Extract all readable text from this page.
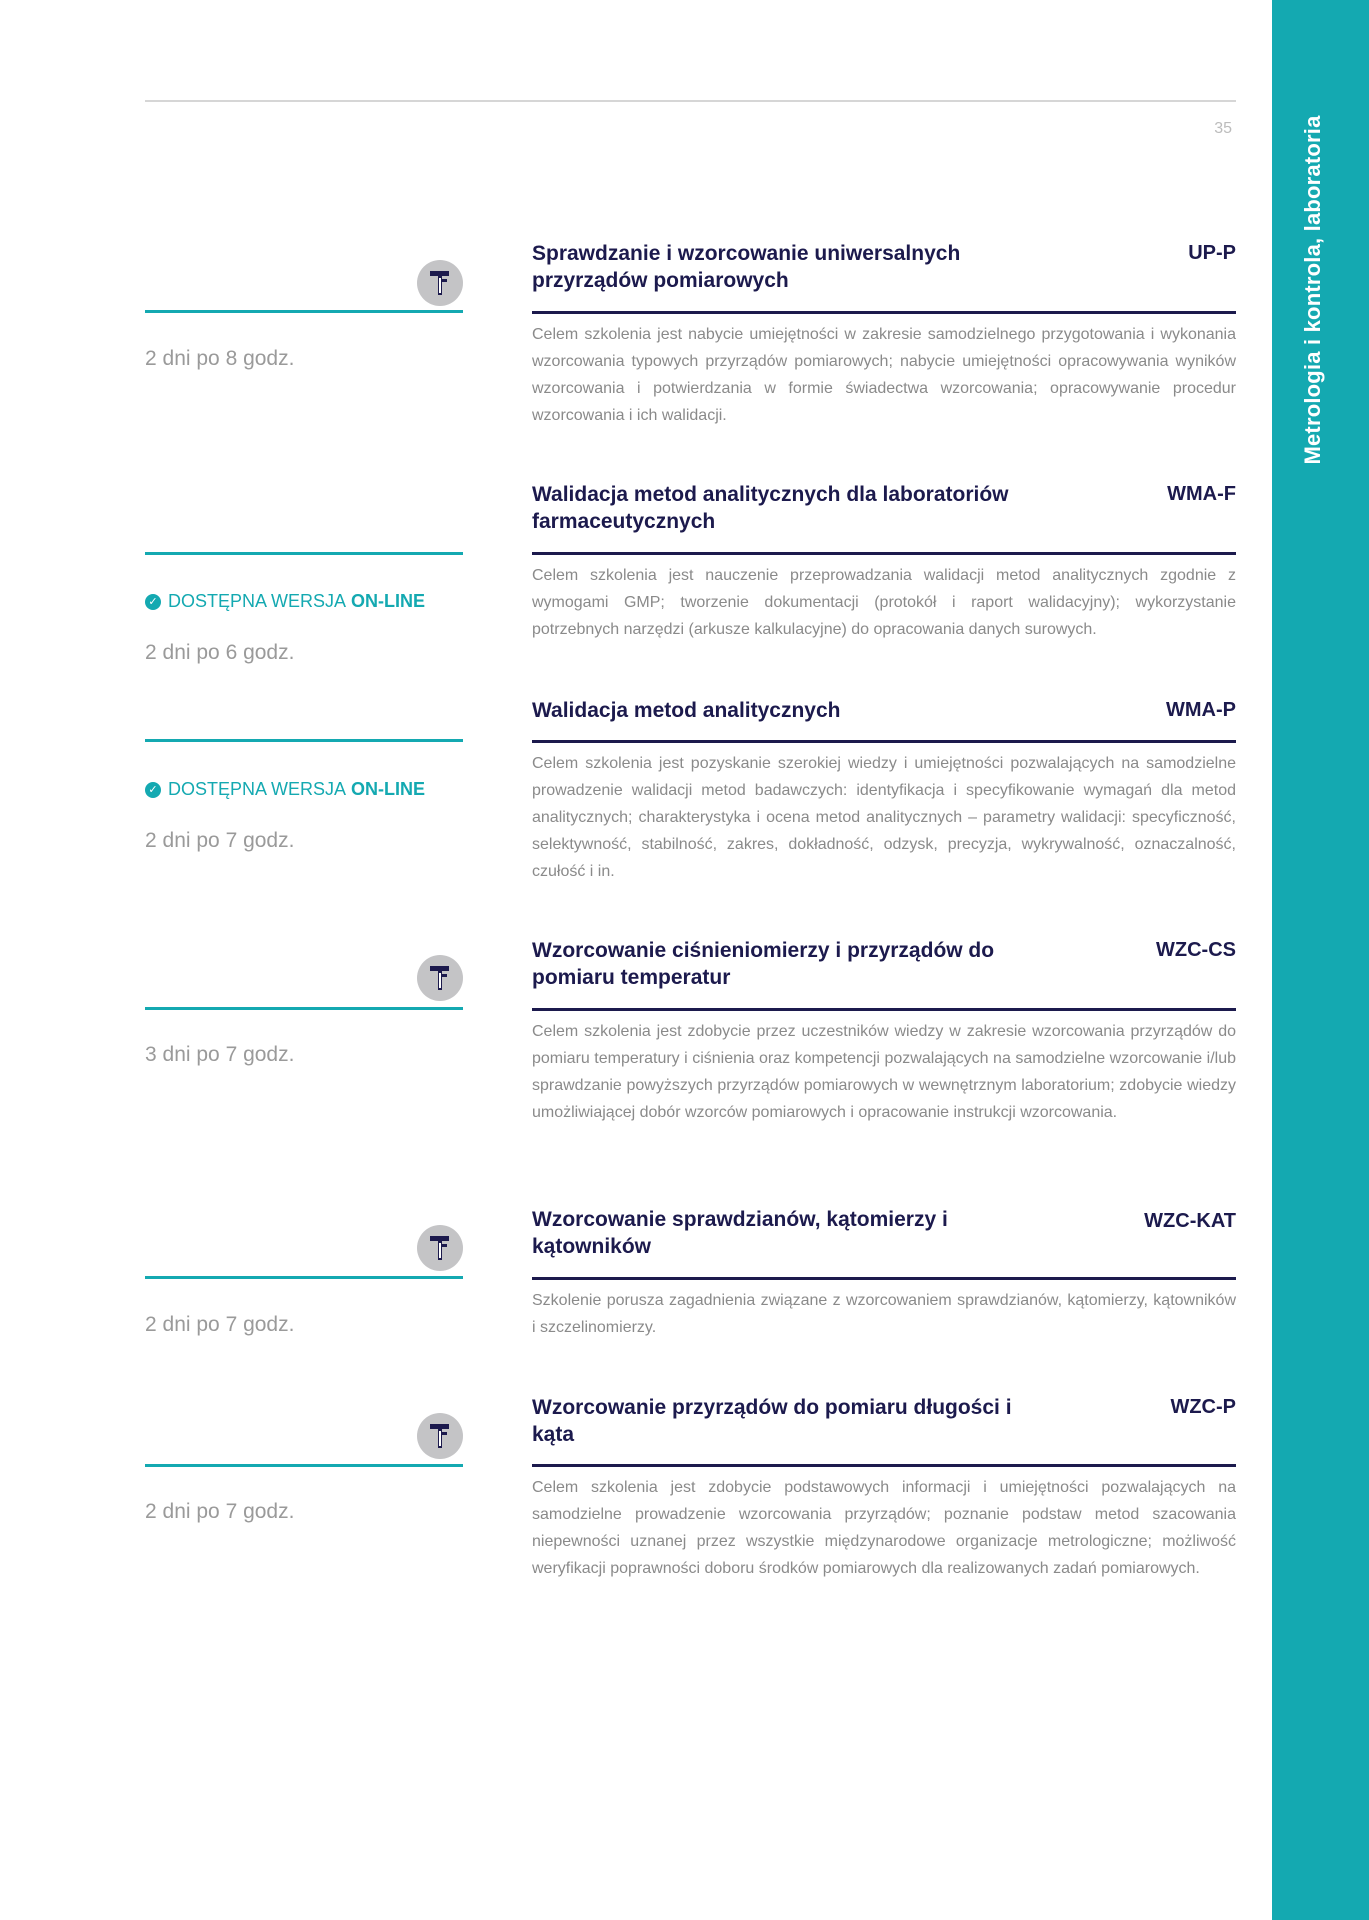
35	Metrologia i kontrola, laboratoria
2 dni po 8 godz.
Sprawdzanie i wzorcowanie uniwersalnych przyrządów pomiarowych
UP-P

Celem szkolenia jest nabycie umiejętności w zakresie samodzielnego przygotowania i wykonania wzorcowania typowych przyrządów pomiarowych; nabycie umiejętności opracowywania wyników wzorcowania i potwierdzania w formie świadectwa wzorcowania; opracowywanie procedur wzorcowania i ich walidacji.

✓ DOSTĘPNA WERSJA ON-LINE
2 dni po 6 godz.
Walidacja metod analitycznych dla laboratoriów farmaceutycznych
WMA-F

Celem szkolenia jest nauczenie przeprowadzania walidacji metod analitycznych zgodnie z wymogami GMP; tworzenie dokumentacji (protokół i raport walidacyjny); wykorzystanie potrzebnych narzędzi (arkusze kalkulacyjne) do opracowania danych surowych.

✓ DOSTĘPNA WERSJA ON-LINE
2 dni po 7 godz.
Walidacja metod analitycznych	WMA-P

Celem szkolenia jest pozyskanie szerokiej wiedzy i umiejętności pozwalających na samodzielne prowadzenie walidacji metod badawczych: identyfikacja i specyfikowanie wymagań dla metod analitycznych; charakterystyka i ocena metod analitycznych – parametry walidacji: specyficzność, selektywność, stabilność, zakres, dokładność, odzysk, precyzja, wykrywalność, oznaczalność, czułość i in.

3 dni po 7 godz.
Wzorcowanie ciśnieniomierzy i przyrządów do pomiaru temperatur
WZC-CS

Celem szkolenia jest zdobycie przez uczestników wiedzy w zakresie wzorcowania przyrządów do pomiaru temperatury i ciśnienia oraz kompetencji pozwalających na samodzielne wzorcowanie i/lub sprawdzanie powyższych przyrządów pomiarowych w wewnętrznym laboratorium; zdobycie wiedzy umożliwiającej dobór wzorców pomiarowych i opracowanie instrukcji wzorcowania.

2 dni po 7 godz.
Wzorcowanie sprawdzianów, kątomierzy i kątowników
WZC-KAT

Szkolenie porusza zagadnienia związane z wzorcowaniem sprawdzianów, kątomierzy, kątowników i szczelinomierzy.

2 dni po 7 godz.
Wzorcowanie przyrządów do pomiaru długości i kąta
WZC-P

Celem szkolenia jest zdobycie podstawowych informacji i umiejętności pozwalających na samodzielne prowadzenie wzorcowania przyrządów; poznanie podstaw metod szacowania niepewności uznanej przez wszystkie międzynarodowe organizacje metrologiczne; możliwość weryfikacji poprawności doboru środków pomiarowych dla realizowanych zadań pomiarowych.
